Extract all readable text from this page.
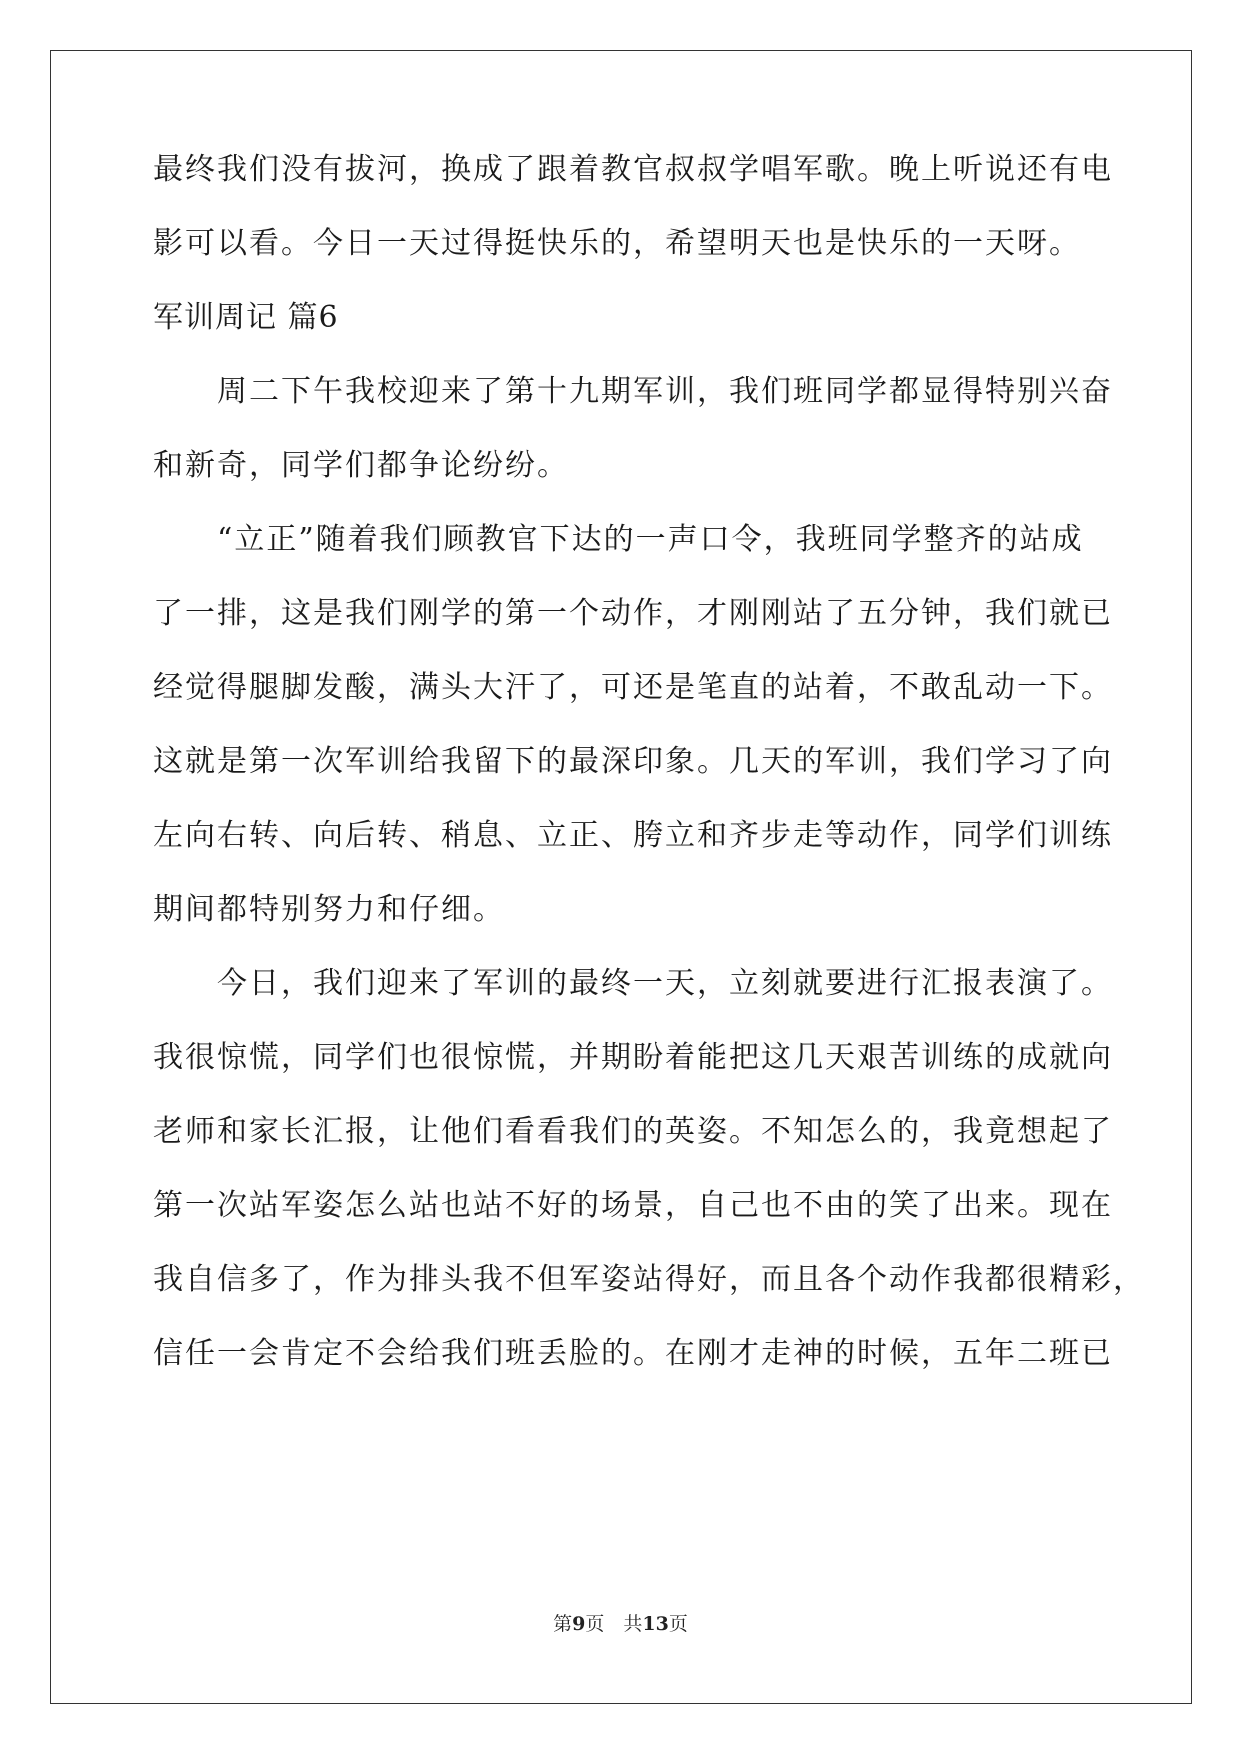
最终我们没有拔河，换成了跟着教官叔叔学唱军歌。晚上听说还有电
影可以看。今日一天过得挺快乐的，希望明天也是快乐的一天呀。
军训周记 篇6
　　周二下午我校迎来了第十九期军训，我们班同学都显得特别兴奋
和新奇，同学们都争论纷纷。
　　“立正”随着我们顾教官下达的一声口令，我班同学整齐的站成
了一排，这是我们刚学的第一个动作，才刚刚站了五分钟，我们就已
经觉得腿脚发酸，满头大汗了，可还是笔直的站着，不敢乱动一下。
这就是第一次军训给我留下的最深印象。几天的军训，我们学习了向
左向右转、向后转、稍息、立正、胯立和齐步走等动作，同学们训练
期间都特别努力和仔细。
　　今日，我们迎来了军训的最终一天，立刻就要进行汇报表演了。
我很惊慌，同学们也很惊慌，并期盼着能把这几天艰苦训练的成就向
老师和家长汇报，让他们看看我们的英姿。不知怎么的，我竟想起了
第一次站军姿怎么站也站不好的场景，自己也不由的笑了出来。现在
我自信多了，作为排头我不但军姿站得好，而且各个动作我都很精彩，
信任一会肯定不会给我们班丢脸的。在刚才走神的时候，五年二班已
第9页　共13页
